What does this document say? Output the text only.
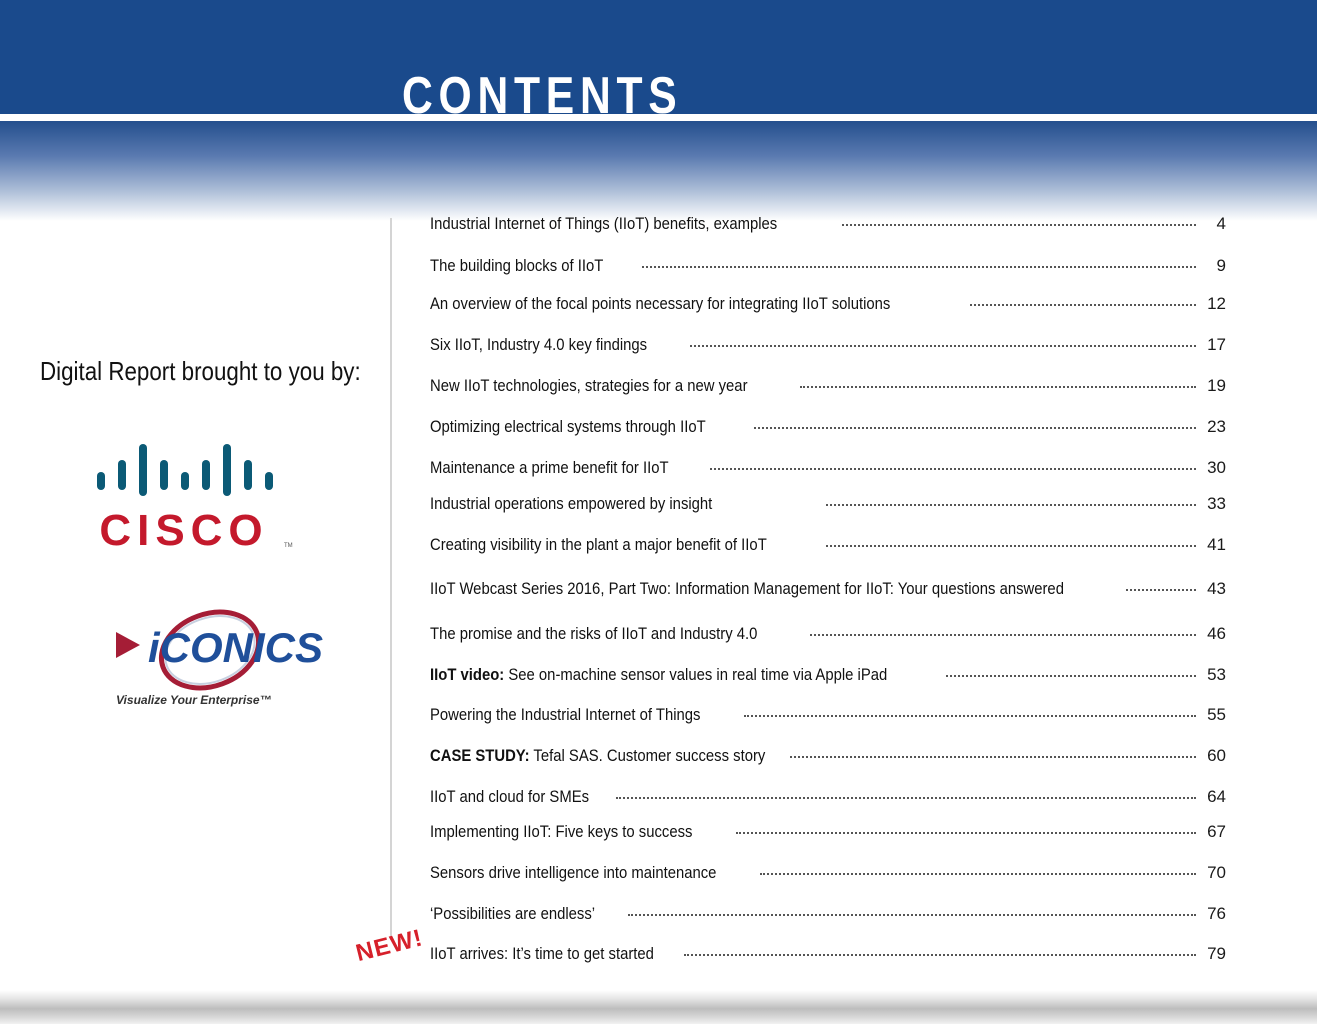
CONTENTS
Digital Report brought to you by:
CISCO	TM
iCONICS
Visualize Your Enterprise™
Industrial Internet of Things (IIoT) benefits, examples	4
The building blocks of IIoT	9
An overview of the focal points necessary for integrating IIoT solutions	12
Six IIoT, Industry 4.0 key findings	17
New IIoT technologies, strategies for a new year	19
Optimizing electrical systems through IIoT	23
Maintenance a prime benefit for IIoT	30
Industrial operations empowered by insight	33
Creating visibility in the plant a major benefit of IIoT	41
IIoT Webcast Series 2016, Part Two: Information Management for IIoT: Your questions answered	43
The promise and the risks of IIoT and Industry 4.0	46
IIoT video: See on-machine sensor values in real time via Apple iPad	53
Powering the Industrial Internet of Things	55
CASE STUDY: Tefal SAS. Customer success story	60
IIoT and cloud for SMEs	64
Implementing IIoT: Five keys to success	67
Sensors drive intelligence into maintenance	70
‘Possibilities are endless’	76
IIoT arrives: It’s time to get started	79
NEW!
